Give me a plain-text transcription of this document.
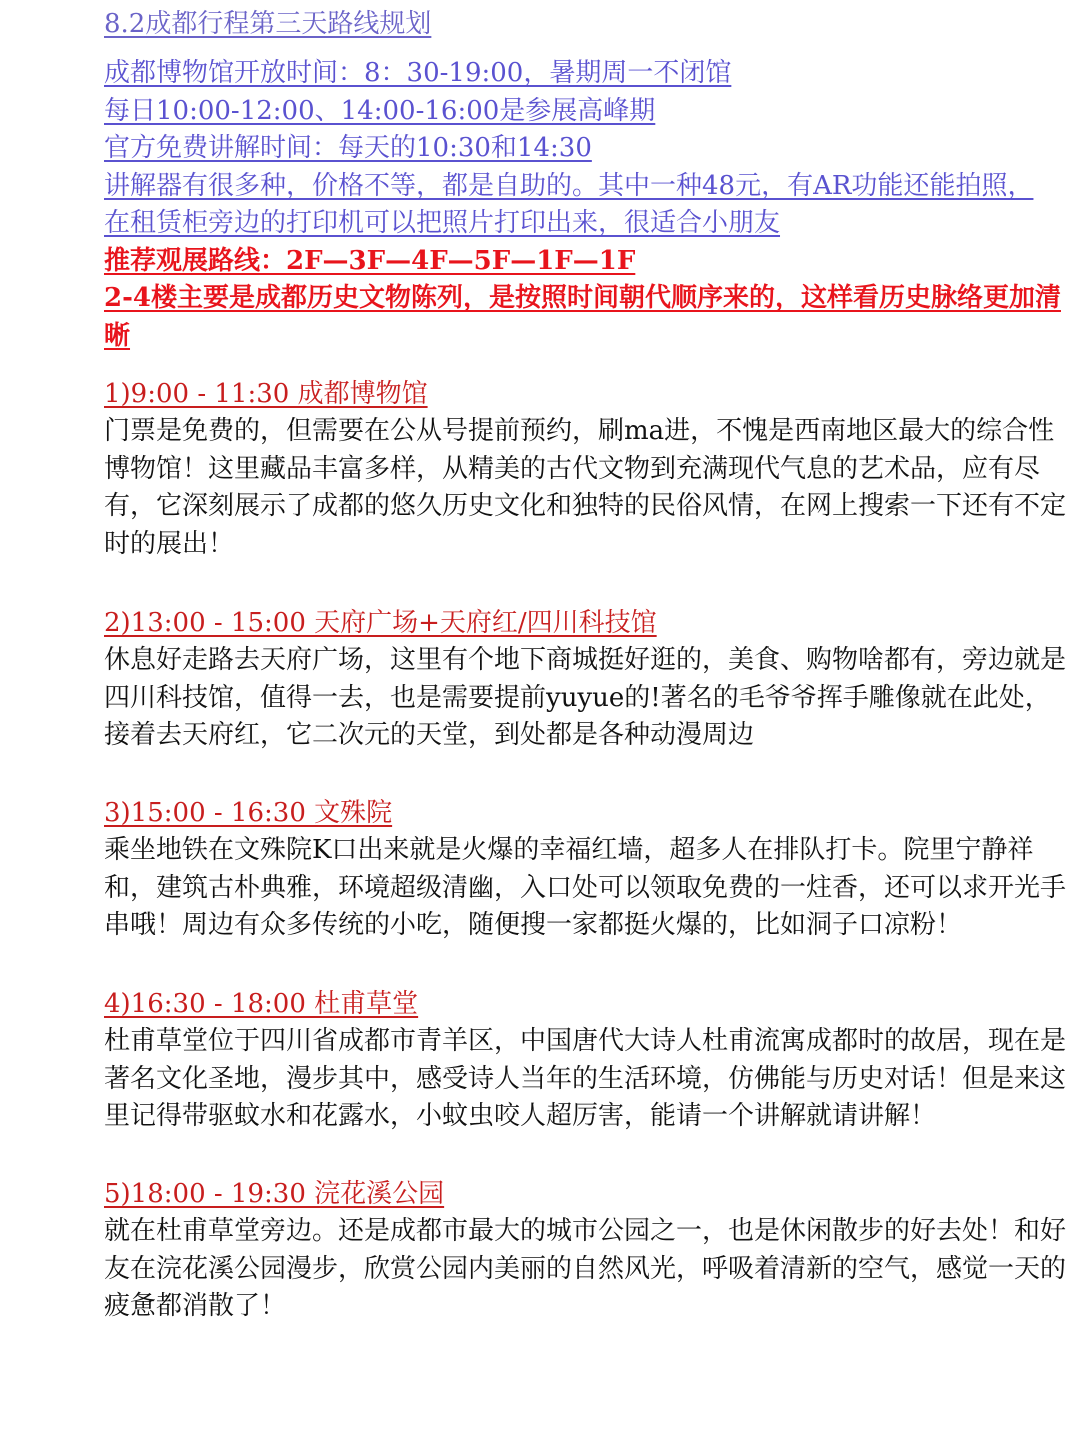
8.2成都行程第三天路线规划
成都博物馆开放时间：8：30-19:00，暑期周一不闭馆
每日10:00-12:00、14:00-16:00是参展高峰期
官方免费讲解时间：每天的10:30和14:30
讲解器有很多种，价格不等，都是自助的。其中一种48元，有AR功能还能拍照，
在租赁柜旁边的打印机可以把照片打印出来，很适合小朋友
推荐观展路线：2F—3F—4F—5F—1F—1F
2-4楼主要是成都历史文物陈列，是按照时间朝代顺序来的，这样看历史脉络更加清晰
1)9:00 - 11:30 成都博物馆
门票是免费的，但需要在公从号提前预约，刷ma进，不愧是西南地区最大的综合性博物馆！这里藏品丰富多样，从精美的古代文物到充满现代气息的艺术品，应有尽有，它深刻展示了成都的悠久历史文化和独特的民俗风情，在网上搜索一下还有不定时的展出！
2)13:00 - 15:00 天府广场+天府红/四川科技馆
休息好走路去天府广场，这里有个地下商城挺好逛的，美食、购物啥都有，旁边就是四川科技馆，值得一去，也是需要提前yuyue的!著名的毛爷爷挥手雕像就在此处，接着去天府红，它二次元的天堂，到处都是各种动漫周边
3)15:00 - 16:30 文殊院
乘坐地铁在文殊院K口出来就是火爆的幸福红墙，超多人在排队打卡。院里宁静祥和，建筑古朴典雅，环境超级清幽，入口处可以领取免费的一炷香，还可以求开光手串哦！周边有众多传统的小吃，随便搜一家都挺火爆的，比如洞子口凉粉！
4)16:30 - 18:00 杜甫草堂
杜甫草堂位于四川省成都市青羊区，中国唐代大诗人杜甫流寓成都时的故居，现在是著名文化圣地，漫步其中，感受诗人当年的生活环境，仿佛能与历史对话！但是来这里记得带驱蚊水和花露水，小蚊虫咬人超厉害，能请一个讲解就请讲解！
5)18:00 - 19:30 浣花溪公园
就在杜甫草堂旁边。还是成都市最大的城市公园之一，也是休闲散步的好去处！和好友在浣花溪公园漫步，欣赏公园内美丽的自然风光，呼吸着清新的空气，感觉一天的疲惫都消散了！
